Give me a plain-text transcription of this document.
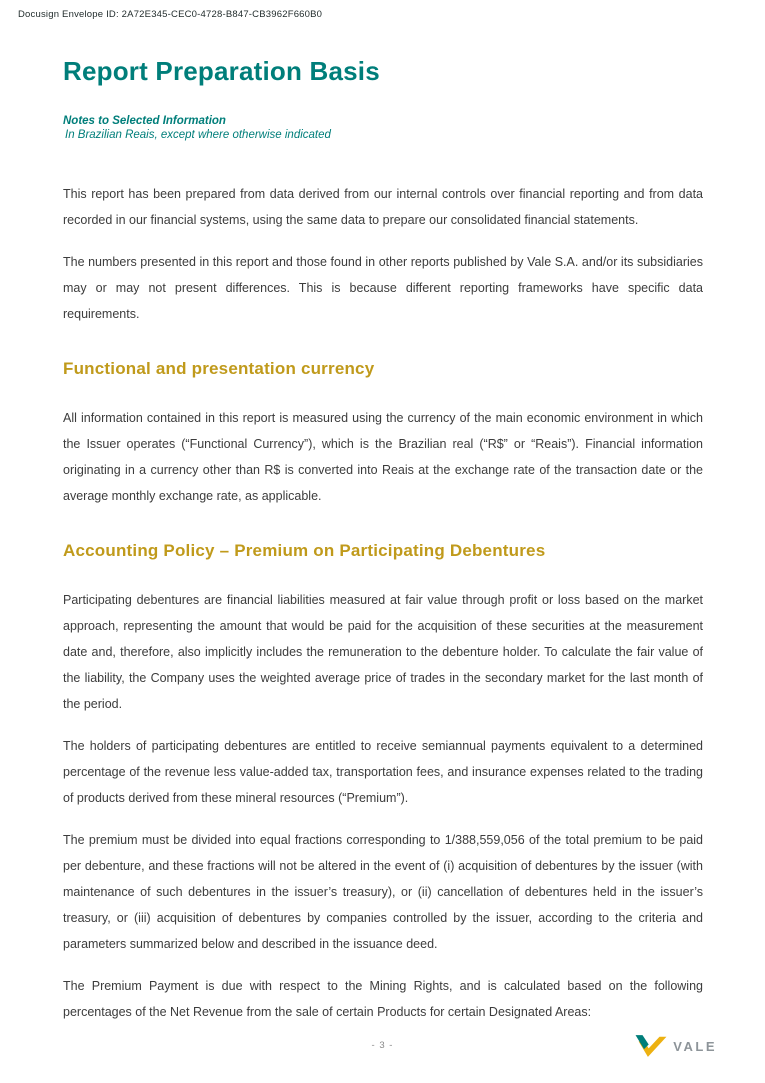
Docusign Envelope ID: 2A72E345-CEC0-4728-B847-CB3962F660B0
Report Preparation Basis

Notes to Selected Information

In Brazilian Reais, except where otherwise indicated

This report has been prepared from data derived from our internal controls over financial reporting and from data recorded in our financial systems, using the same data to prepare our consolidated financial statements.

The numbers presented in this report and those found in other reports published by Vale S.A. and/or its subsidiaries may or may not present differences. This is because different reporting frameworks have specific data requirements.

Functional and presentation currency

All information contained in this report is measured using the currency of the main economic environment in which the Issuer operates (“Functional Currency”), which is the Brazilian real (“R$” or “Reais”). Financial information originating in a currency other than R$ is converted into Reais at the exchange rate of the transaction date or the average monthly exchange rate, as applicable.

Accounting Policy – Premium on Participating Debentures

Participating debentures are financial liabilities measured at fair value through profit or loss based on the market approach, representing the amount that would be paid for the acquisition of these securities at the measurement date and, therefore, also implicitly includes the remuneration to the debenture holder. To calculate the fair value of the liability, the Company uses the weighted average price of trades in the secondary market for the last month of the period.

The holders of participating debentures are entitled to receive semiannual payments equivalent to a determined percentage of the revenue less value-added tax, transportation fees, and insurance expenses related to the trading of products derived from these mineral resources (“Premium”).

The premium must be divided into equal fractions corresponding to 1/388,559,056 of the total premium to be paid per debenture, and these fractions will not be altered in the event of (i) acquisition of debentures by the issuer (with maintenance of such debentures in the issuer’s treasury), or (ii) cancellation of debentures held in the issuer’s treasury, or (iii) acquisition of debentures by companies controlled by the issuer, according to the criteria and parameters summarized below and described in the issuance deed.

The Premium Payment is due with respect to the Mining Rights, and is calculated based on the following percentages of the Net Revenue from the sale of certain Products for certain Designated Areas:

- 3 -	VALE
